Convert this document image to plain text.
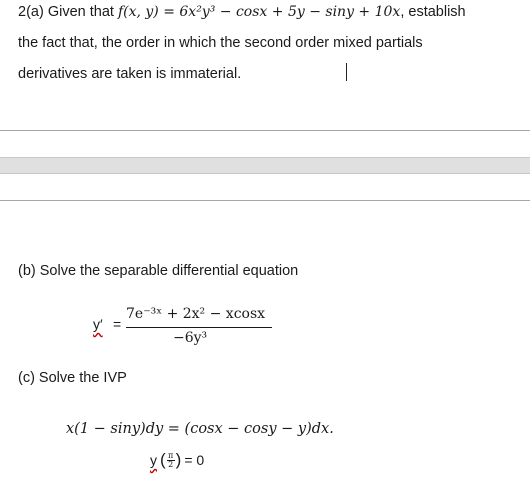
2(a) Given that f(x, y) = 6x²y³ − cosx + 5y − siny + 10x, establish
the fact that, the order in which the second order mixed partials
derivatives are taken is immaterial.
(b) Solve the separable differential equation
y′ =
7e⁻³ˣ + 2x² − xcosx
−6y³
(c) Solve the IVP
x(1 − siny)dy = (cosx − cosy − y)dx.
y ( $\frac{\pi}{2}$ ) = 0
